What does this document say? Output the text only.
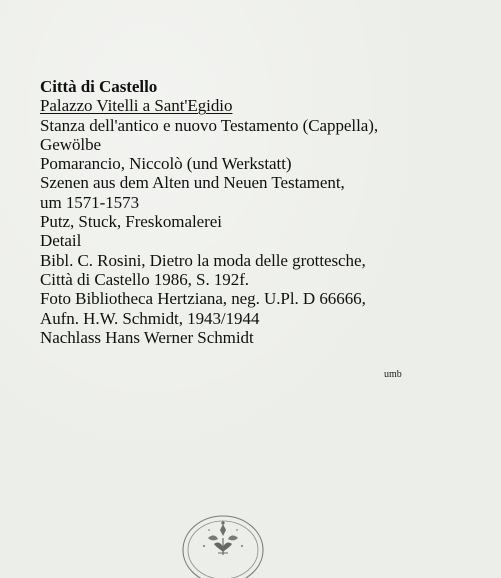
Città di Castello
Palazzo Vitelli a Sant'Egidio
Stanza dell'antico e nuovo Testamento (Cappella),
Gewölbe
Pomarancio, Niccolò (und Werkstatt)
Szenen aus dem Alten und Neuen Testament,
um 1571-1573
Putz, Stuck, Freskomalerei
Detail
Bibl. C. Rosini, Dietro la moda delle grottesche,
Città di Castello 1986, S. 192f.
Foto Bibliotheca Hertziana, neg. U.Pl. D 66666,
Aufn. H.W. Schmidt, 1943/1944
Nachlass Hans Werner Schmidt
umb
